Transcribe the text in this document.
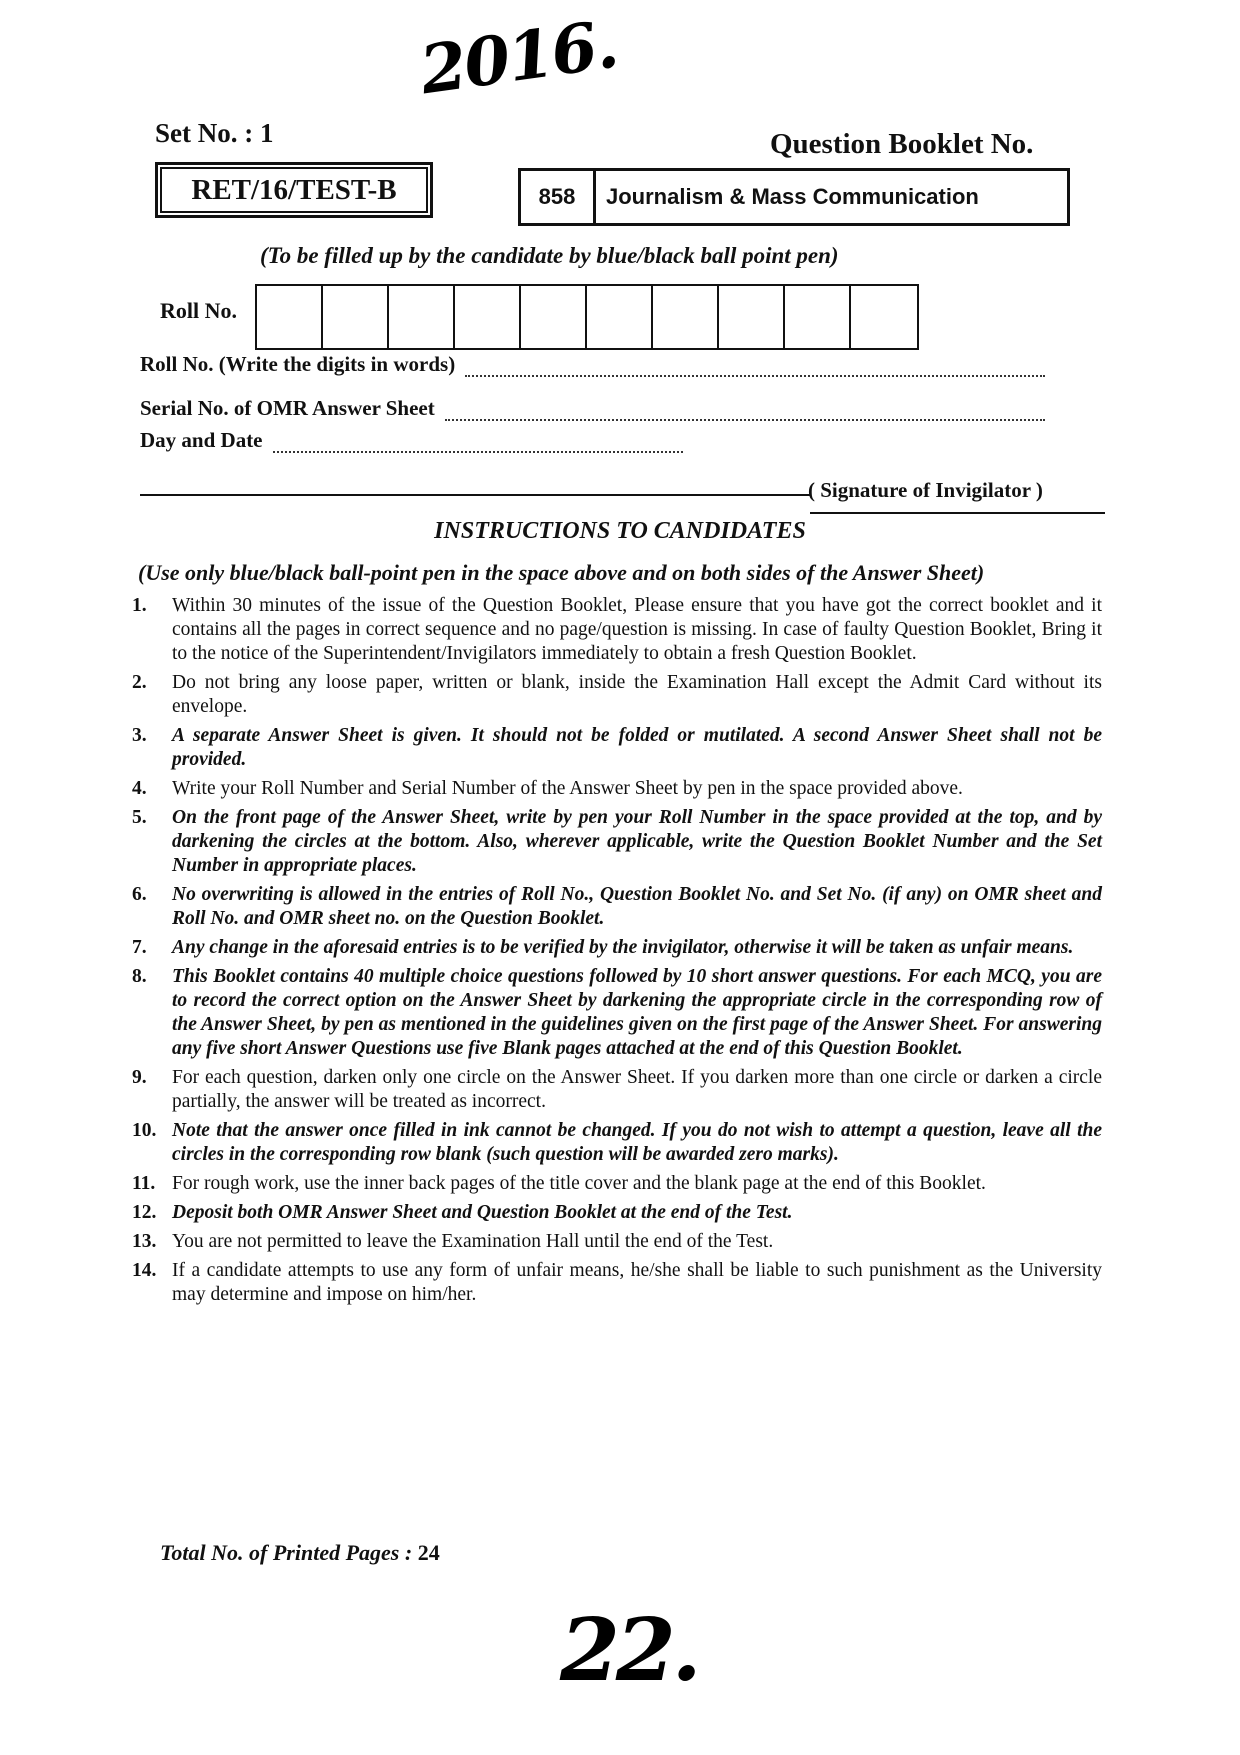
2016.
Set No. : 1	Question Booklet No.
RET/16/TEST-B	858	Journalism & Mass Communication
(To be filled up by the candidate by blue/black ball point pen)
Roll No.
Roll No. (Write the digits in words)
Serial No. of OMR Answer Sheet
Day and Date
( Signature of Invigilator )
INSTRUCTIONS TO CANDIDATES
(Use only blue/black ball-point pen in the space above and on both sides of the Answer Sheet)
1.	Within 30 minutes of the issue of the Question Booklet, Please ensure that you have got the correct booklet and it contains all the pages in correct sequence and no page/question is missing. In case of faulty Question Booklet, Bring it to the notice of the Superintendent/Invigilators immediately to obtain a fresh Question Booklet.
2.	Do not bring any loose paper, written or blank, inside the Examination Hall except the Admit Card without its envelope.
3.	A separate Answer Sheet is given. It should not be folded or mutilated. A second Answer Sheet shall not be provided.
4.	Write your Roll Number and Serial Number of the Answer Sheet by pen in the space provided above.
5.	On the front page of the Answer Sheet, write by pen your Roll Number in the space provided at the top, and by darkening the circles at the bottom. Also, wherever applicable, write the Question Booklet Number and the Set Number in appropriate places.
6.	No overwriting is allowed in the entries of Roll No., Question Booklet No. and Set No. (if any) on OMR sheet and Roll No. and OMR sheet no. on the Question Booklet.
7.	Any change in the aforesaid entries is to be verified by the invigilator, otherwise it will be taken as unfair means.
8.	This Booklet contains 40 multiple choice questions followed by 10 short answer questions. For each MCQ, you are to record the correct option on the Answer Sheet by darkening the appropriate circle in the corresponding row of the Answer Sheet, by pen as mentioned in the guidelines given on the first page of the Answer Sheet. For answering any five short Answer Questions use five Blank pages attached at the end of this Question Booklet.
9.	For each question, darken only one circle on the Answer Sheet. If you darken more than one circle or darken a circle partially, the answer will be treated as incorrect.
10. Note that the answer once filled in ink cannot be changed. If you do not wish to attempt a question, leave all the circles in the corresponding row blank (such question will be awarded zero marks).
11. For rough work, use the inner back pages of the title cover and the blank page at the end of this Booklet.
12. Deposit both OMR Answer Sheet and Question Booklet at the end of the Test.
13. You are not permitted to leave the Examination Hall until the end of the Test.
14. If a candidate attempts to use any form of unfair means, he/she shall be liable to such punishment as the University may determine and impose on him/her.
Total No. of Printed Pages : 24
22.
